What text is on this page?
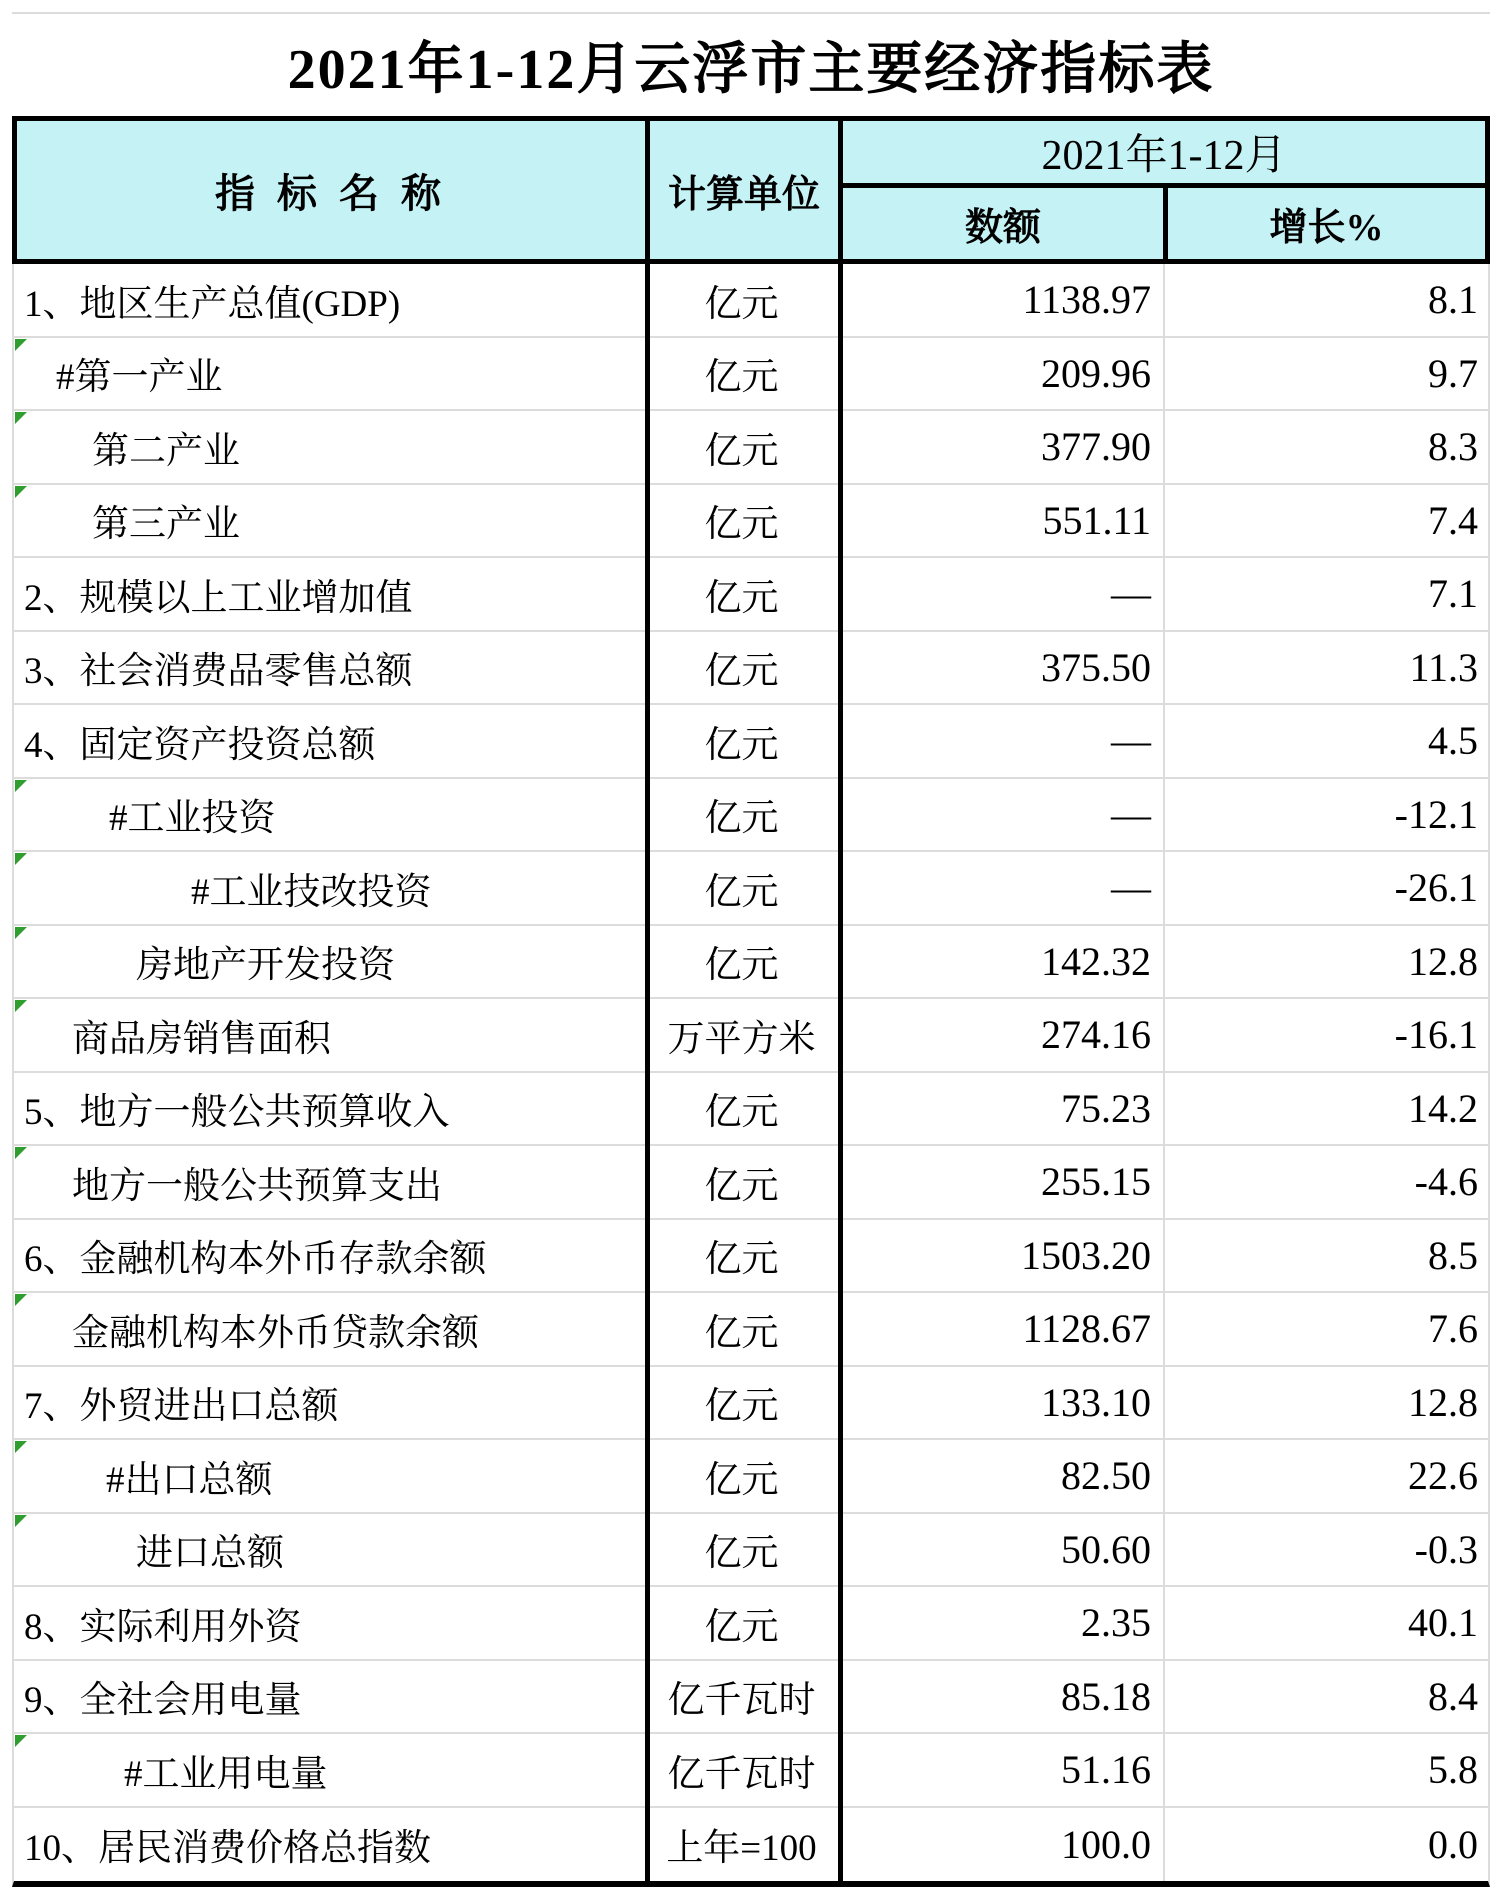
2021年1-12月云浮市主要经济指标表
指 标 名 称	计算单位
2021年1-12月
数额	增长%
1、地区生产总值(GDP)	亿元	1138.97	8.1
#第一产业	亿元	209.96	9.7
第二产业	亿元	377.90	8.3
第三产业	亿元	551.11	7.4
2、规模以上工业增加值	亿元	—	7.1
3、社会消费品零售总额	亿元	375.50	11.3
4、固定资产投资总额	亿元	—	4.5
#工业投资	亿元	—	-12.1
#工业技改投资	亿元	—	-26.1
房地产开发投资	亿元	142.32	12.8
商品房销售面积	万平方米	274.16	-16.1
5、地方一般公共预算收入	亿元	75.23	14.2
地方一般公共预算支出	亿元	255.15	-4.6
6、金融机构本外币存款余额	亿元	1503.20	8.5
金融机构本外币贷款余额	亿元	1128.67	7.6
7、外贸进出口总额	亿元	133.10	12.8
#出口总额	亿元	82.50	22.6
进口总额	亿元	50.60	-0.3
8、实际利用外资	亿元	2.35	40.1
9、全社会用电量	亿千瓦时	85.18	8.4
#工业用电量	亿千瓦时	51.16	5.8
10、居民消费价格总指数	上年=100	100.0	0.0
